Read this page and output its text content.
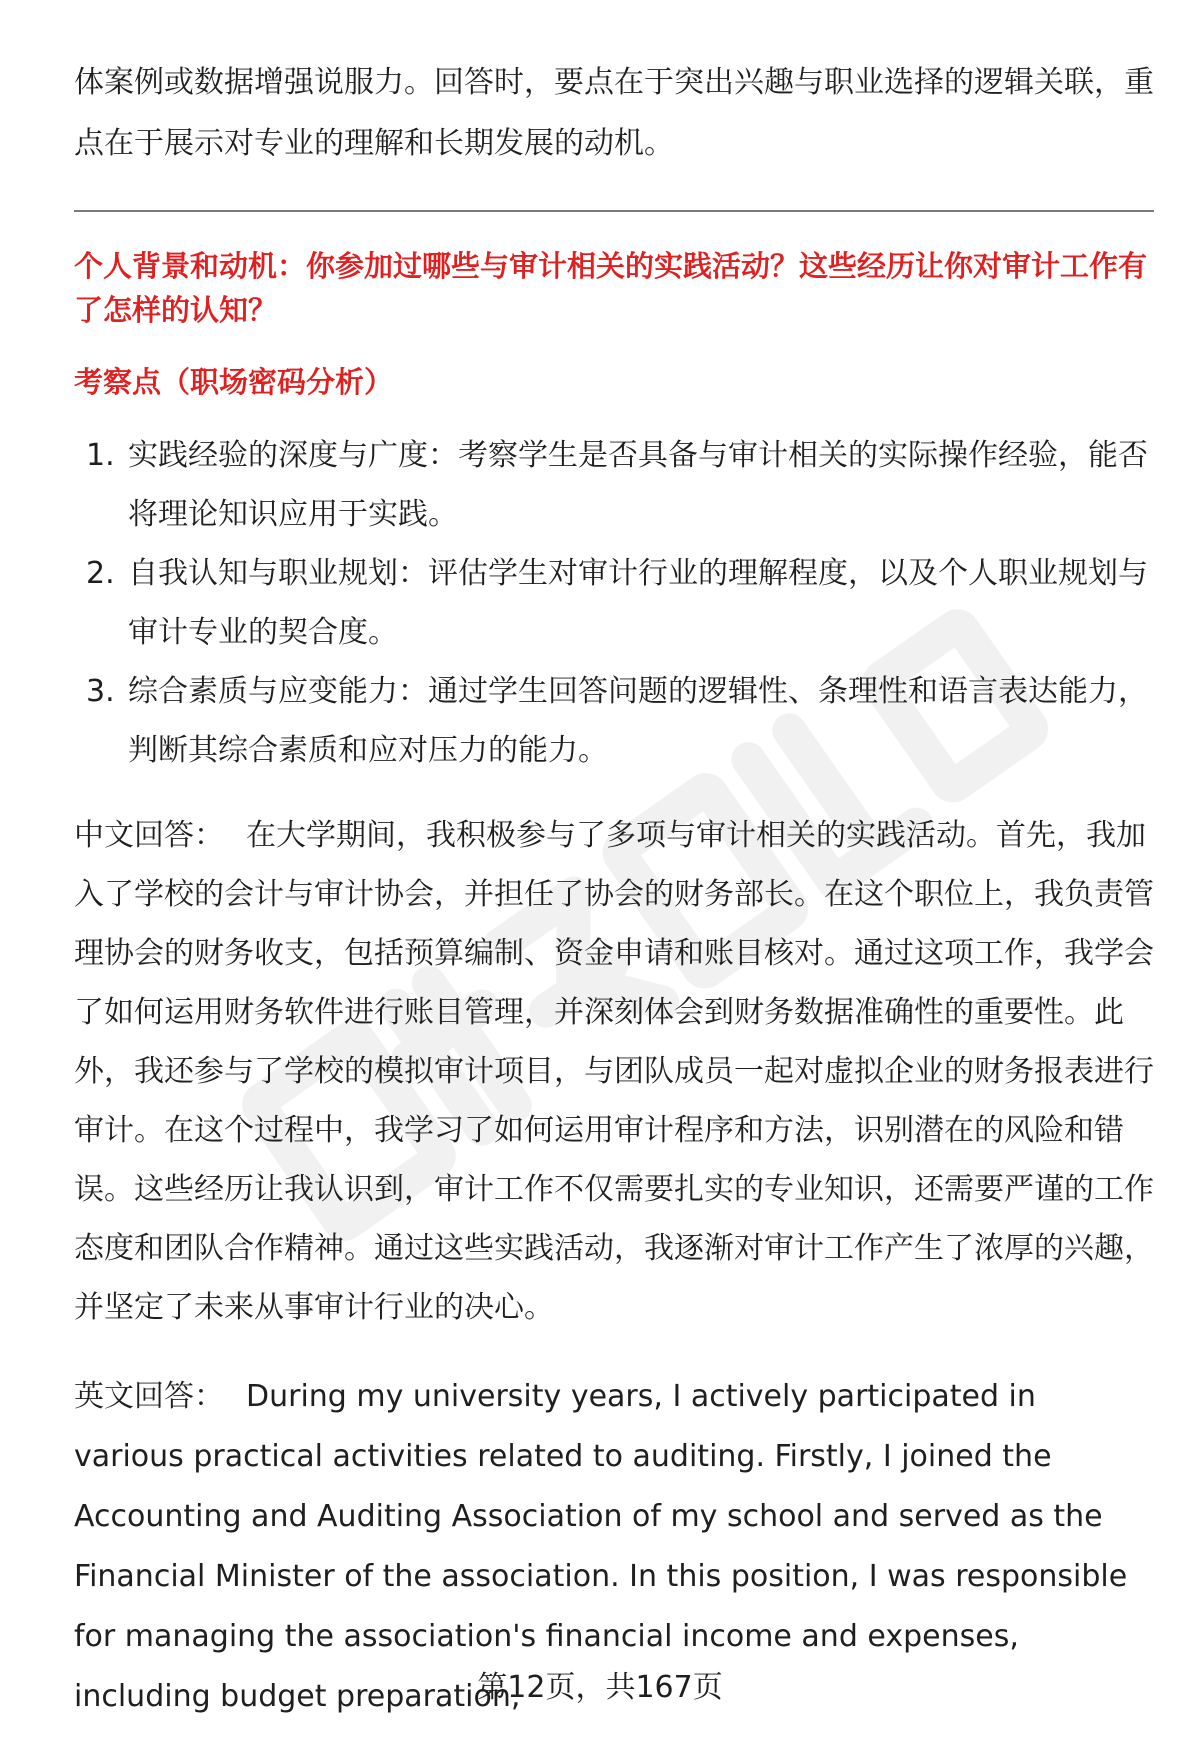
体案例或数据增强说服力。回答时，要点在于突出兴趣与职业选择的逻辑关联，重点在于展示对专业的理解和长期发展的动机。

个人背景和动机：你参加过哪些与审计相关的实践活动？这些经历让你对审计工作有了怎样的认知？
考察点（职场密码分析）
1. 实践经验的深度与广度：考察学生是否具备与审计相关的实际操作经验，能否将理论知识应用于实践。
2. 自我认知与职业规划：评估学生对审计行业的理解程度，以及个人职业规划与审计专业的契合度。
3. 综合素质与应变能力：通过学生回答问题的逻辑性、条理性和语言表达能力，判断其综合素质和应对压力的能力。

中文回答： 在大学期间，我积极参与了多项与审计相关的实践活动。首先，我加入了学校的会计与审计协会，并担任了协会的财务部长。在这个职位上，我负责管理协会的财务收支，包括预算编制、资金申请和账目核对。通过这项工作，我学会了如何运用财务软件进行账目管理，并深刻体会到财务数据准确性的重要性。此外，我还参与了学校的模拟审计项目，与团队成员一起对虚拟企业的财务报表进行审计。在这个过程中，我学习了如何运用审计程序和方法，识别潜在的风险和错误。这些经历让我认识到，审计工作不仅需要扎实的专业知识，还需要严谨的工作态度和团队合作精神。通过这些实践活动，我逐渐对审计工作产生了浓厚的兴趣，并坚定了未来从事审计行业的决心。

英文回答： During my university years, I actively participated in various practical activities related to auditing. Firstly, I joined the Accounting and Auditing Association of my school and served as the Financial Minister of the association. In this position, I was responsible for managing the association's financial income and expenses, including budget preparation,

第12页，共167页
